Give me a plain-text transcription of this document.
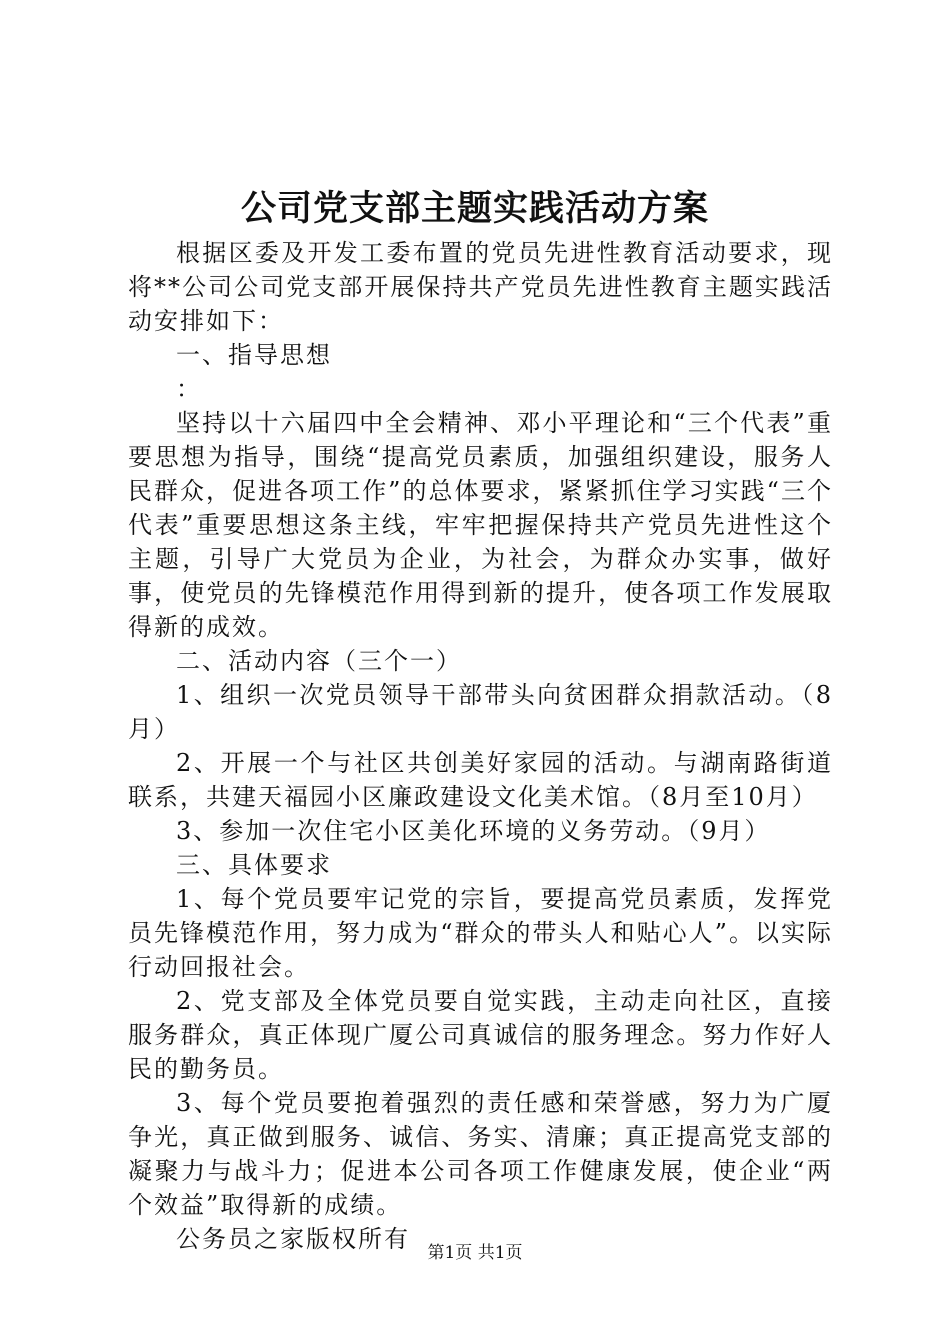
公司党支部主题实践活动方案

根据区委及开发工委布置的党员先进性教育活动要求，现将**公司公司党支部开展保持共产党员先进性教育主题实践活动安排如下：

一、指导思想

：

坚持以十六届四中全会精神、邓小平理论和“三个代表”重要思想为指导，围绕“提高党员素质，加强组织建设，服务人民群众，促进各项工作”的总体要求，紧紧抓住学习实践“三个代表”重要思想这条主线，牢牢把握保持共产党员先进性这个主题，引导广大党员为企业，为社会，为群众办实事，做好事，使党员的先锋模范作用得到新的提升，使各项工作发展取得新的成效。

二、活动内容（三个一）

1、组织一次党员领导干部带头向贫困群众捐款活动。（8月）

2、开展一个与社区共创美好家园的活动。与湖南路街道联系，共建天福园小区廉政建设文化美术馆。（8月至10月）

3、参加一次住宅小区美化环境的义务劳动。（9月）

三、具体要求

1、每个党员要牢记党的宗旨，要提高党员素质，发挥党员先锋模范作用，努力成为“群众的带头人和贴心人”。以实际行动回报社会。

2、党支部及全体党员要自觉实践，主动走向社区，直接服务群众，真正体现广厦公司真诚信的服务理念。努力作好人民的勤务员。

3、每个党员要抱着强烈的责任感和荣誉感，努力为广厦争光，真正做到服务、诚信、务实、清廉；真正提高党支部的凝聚力与战斗力；促进本公司各项工作健康发展，使企业“两个效益”取得新的成绩。

公务员之家版权所有	第1页 共1页
